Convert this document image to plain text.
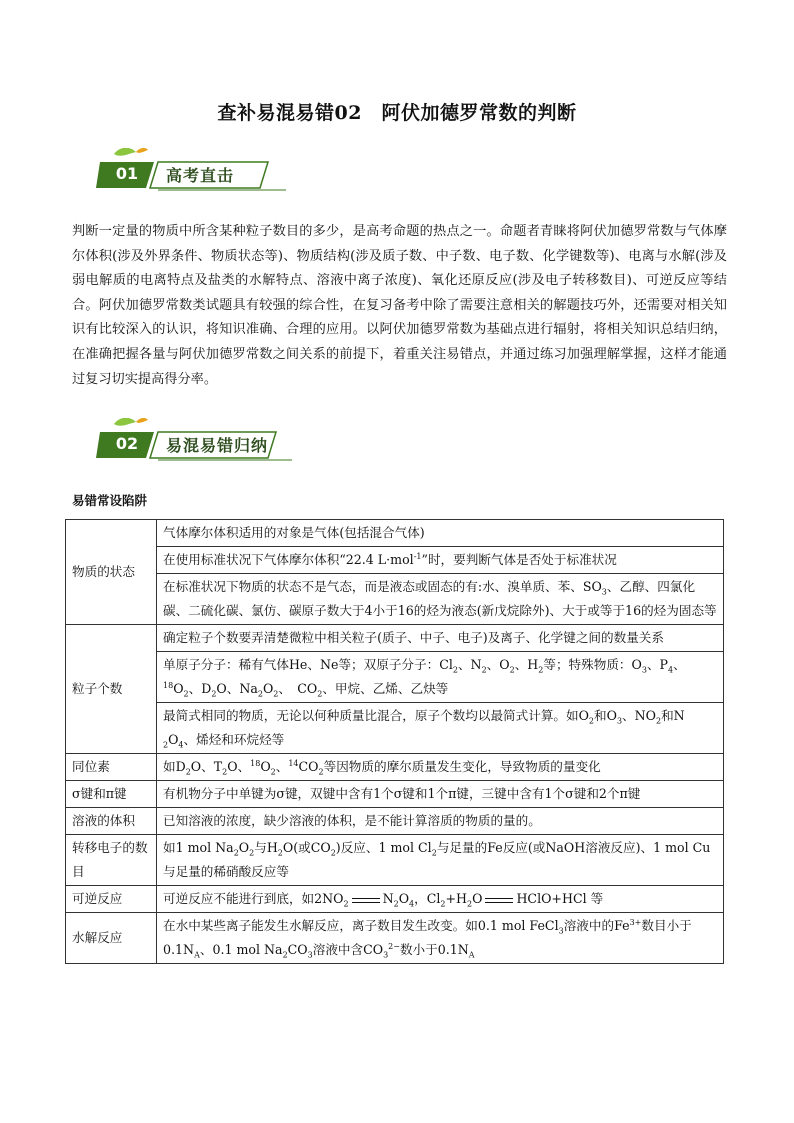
查补易混易错02　阿伏加德罗常数的判断
01	高考直击

判断一定量的物质中所含某种粒子数目的多少，是高考命题的热点之一。命题者青睐将阿伏加德罗常数与气体摩尔体积(涉及外界条件、物质状态等)、物质结构(涉及质子数、中子数、电子数、化学键数等)、电离与水解(涉及弱电解质的电离特点及盐类的水解特点、溶液中离子浓度)、氧化还原反应(涉及电子转移数目)、可逆反应等结合。阿伏加德罗常数类试题具有较强的综合性，在复习备考中除了需要注意相关的解题技巧外，还需要对相关知识有比较深入的认识，将知识准确、合理的应用。以阿伏加德罗常数为基础点进行辐射，将相关知识总结归纳，在准确把握各量与阿伏加德罗常数之间关系的前提下，着重关注易错点，并通过练习加强理解掌握，这样才能通过复习切实提高得分率。

02	易混易错归纳
易错常设陷阱
物质的状态	气体摩尔体积适用的对象是气体(包括混合气体)
	在使用标准状况下气体摩尔体积“22.4 L·mol$^{-1}$”时，要判断气体是否处于标准状况
	在标准状况下物质的状态不是气态，而是液态或固态的有:水、溴单质、苯、$SO_3$、乙醇、四氯化碳、二硫化碳、氯仿、碳原子数大于4小于16的烃为液态(新戊烷除外)、大于或等于16的烃为固态等
粒子个数	确定粒子个数要弄清楚微粒中相关粒子(质子、中子、电子)及离子、化学键之间的数量关系
	单原子分子：稀有气体He、Ne等；双原子分子：$Cl_2$、$N_2$、$O_2$、$H_2$等；特殊物质：$O_3$、$P_4$、
$^{18}O_2$、$D_2O$、$Na_2O_2$、　$CO_2$、甲烷、乙烯、乙炔等
	最简式相同的物质，无论以何种质量比混合，原子个数均以最简式计算。如$O_2$和$O_3$、$NO_2$和N
$_2O_4$、烯烃和环烷烃等
同位素	如$D_2O$、$T_2O$、$^{18}O_2$、$^{14}CO_2$等因物质的摩尔质量发生变化，导致物质的量变化
σ键和π键	有机物分子中单键为σ键，双键中含有1个σ键和1个π键，三键中含有1个σ键和2个π键
溶液的体积	已知溶液的浓度，缺少溶液的体积，是不能计算溶质的物质的量的。
转移电子的数目	如1 mol $Na_2O_2$与$H_2O$(或$CO_2$)反应、1 mol $Cl_2$与足量的Fe反应(或NaOH溶液反应)、1 mol Cu与足量的稀硝酸反应等
可逆反应	可逆反应不能进行到底，如$2NO_2$ $N_2O_4$，$Cl_2+H_2O$ HClO+HCl 等
水解反应	在水中某些离子能发生水解反应，离子数目发生改变。如0.1 mol FeCl$_3$溶液中的$Fe^{3+}$数目小于$0.1N_A$、0.1 mol $Na_2CO_3$溶液中含$CO_3^{2-}$数小于$0.1N_A$
